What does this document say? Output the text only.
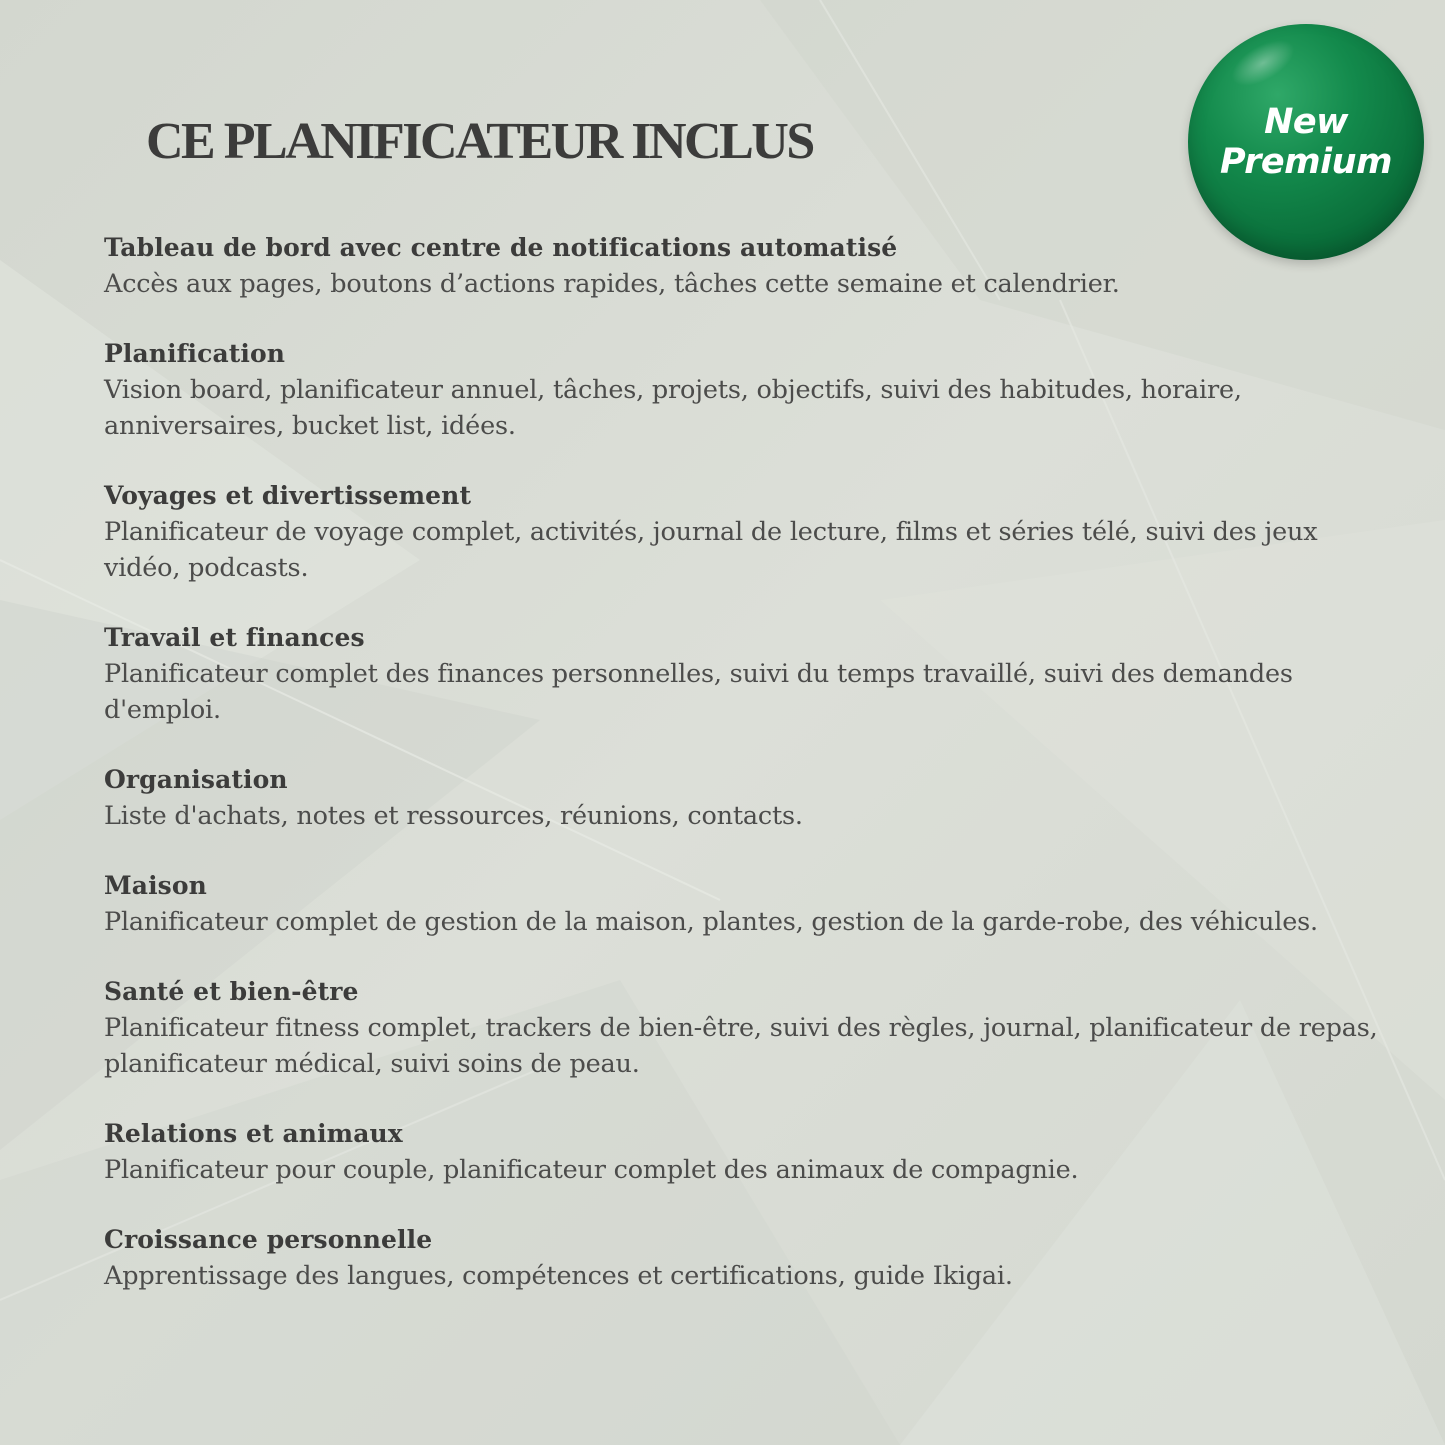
CE PLANIFICATEUR INCLUS
Tableau de bord avec centre de notifications automatisé
Accès aux pages, boutons d’actions rapides, tâches cette semaine et calendrier.
Planification
Vision board, planificateur annuel, tâches, projets, objectifs, suivi des habitudes, horaire, anniversaires, bucket list, idées.
Voyages et divertissement
Planificateur de voyage complet, activités, journal de lecture, films et séries télé, suivi des jeux vidéo, podcasts.
Travail et finances
Planificateur complet des finances personnelles, suivi du temps travaillé, suivi des demandes d'emploi.
Organisation
Liste d'achats, notes et ressources, réunions, contacts.
Maison
Planificateur complet de gestion de la maison, plantes, gestion de la garde-robe, des véhicules.
Santé et bien-être
Planificateur fitness complet, trackers de bien-être, suivi des règles, journal, planificateur de repas, planificateur médical, suivi soins de peau.
Relations et animaux
Planificateur pour couple, planificateur complet des animaux de compagnie.
Croissance personnelle
Apprentissage des langues, compétences et certifications, guide Ikigai.
New
Premium
